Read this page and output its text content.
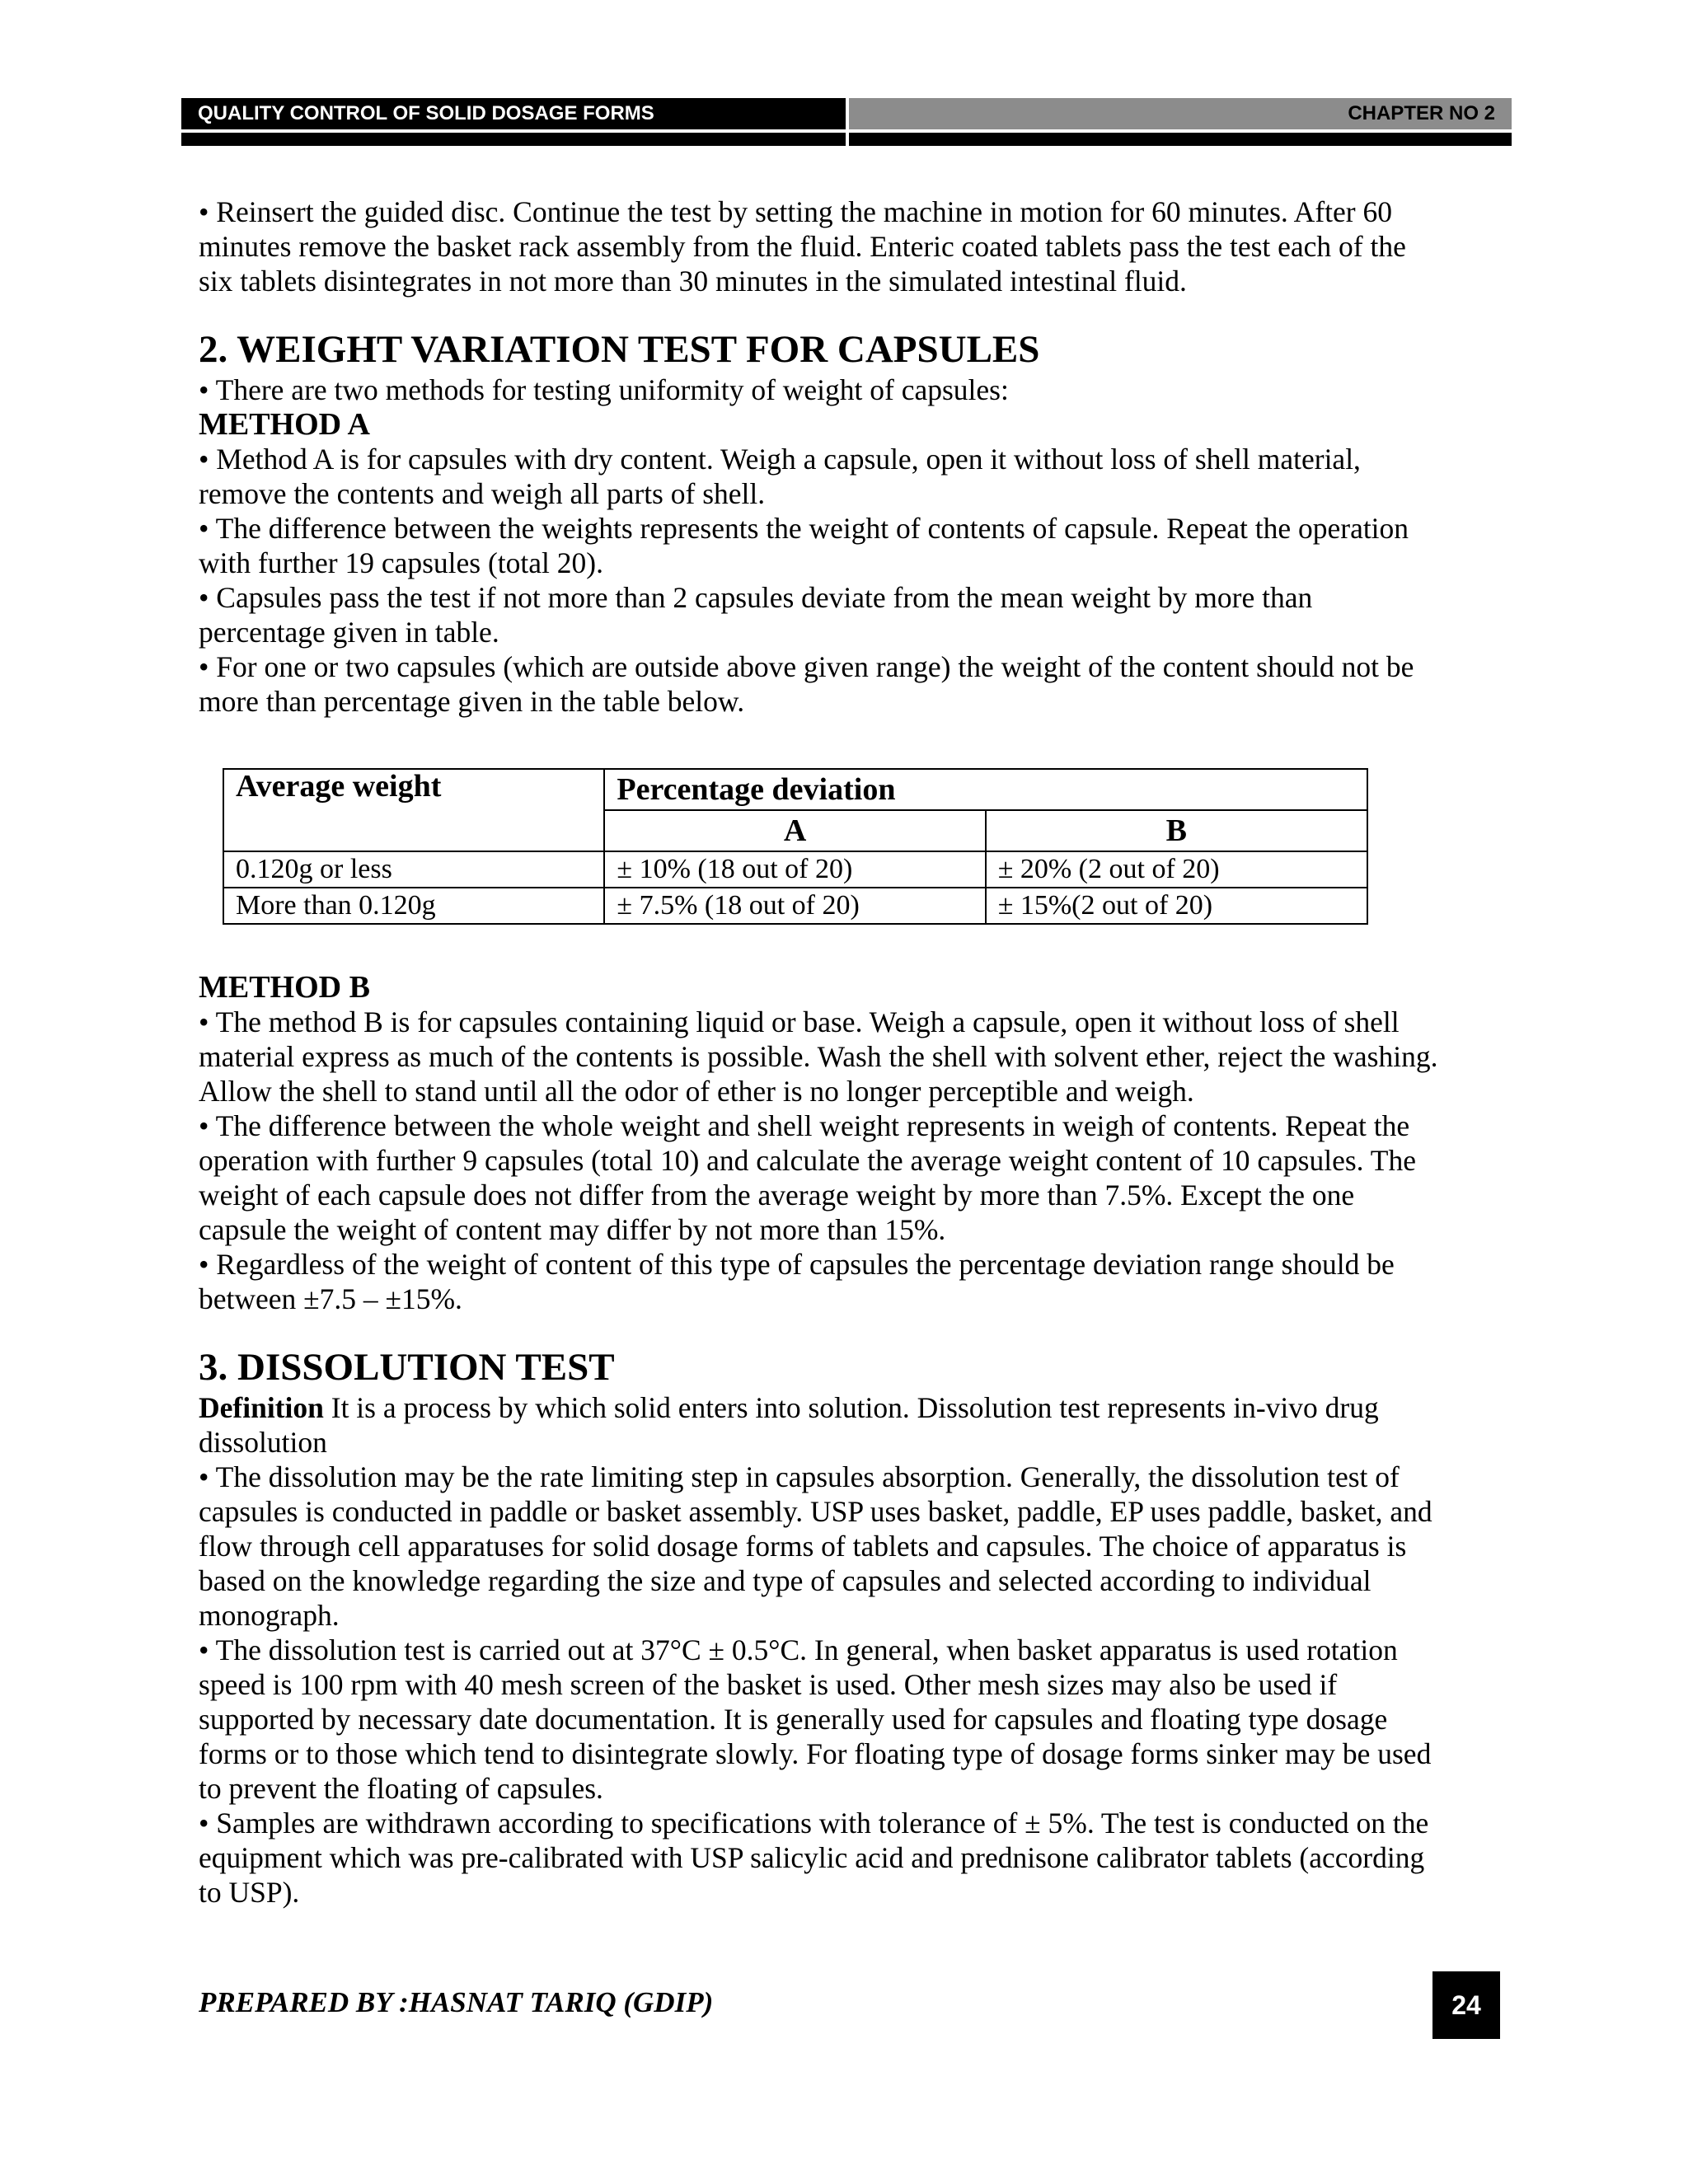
QUALITY CONTROL OF SOLID DOSAGE FORMS	CHAPTER NO 2

• Reinsert the guided disc. Continue the test by setting the machine in motion for 60 minutes. After 60

minutes remove the basket rack assembly from the fluid. Enteric coated tablets pass the test each of the

six tablets disintegrates in not more than 30 minutes in the simulated intestinal fluid.

2. WEIGHT VARIATION TEST FOR CAPSULES

• There are two methods for testing uniformity of weight of capsules:

METHOD A

• Method A is for capsules with dry content. Weigh a capsule, open it without loss of shell material,

remove the contents and weigh all parts of shell.

• The difference between the weights represents the weight of contents of capsule. Repeat the operation

with further 19 capsules (total 20).

• Capsules pass the test if not more than 2 capsules deviate from the mean weight by more than

percentage given in table.

• For one or two capsules (which are outside above given range) the weight of the content should not be

more than percentage given in the table below.

Average weight	Percentage deviation	
	A	B
0.120g or less	± 10% (18 out of 20)	± 20% (2 out of 20)
More than 0.120g	± 7.5% (18 out of 20)	± 15%(2 out of 20)
METHOD B

• The method B is for capsules containing liquid or base. Weigh a capsule, open it without loss of shell

material express as much of the contents is possible. Wash the shell with solvent ether, reject the washing.

Allow the shell to stand until all the odor of ether is no longer perceptible and weigh.

• The difference between the whole weight and shell weight represents in weigh of contents. Repeat the

operation with further 9 capsules (total 10) and calculate the average weight content of 10 capsules. The

weight of each capsule does not differ from the average weight by more than 7.5%. Except the one

capsule the weight of content may differ by not more than 15%.

• Regardless of the weight of content of this type of capsules the percentage deviation range should be

between ±7.5 – ±15%.

3. DISSOLUTION TEST

Definition It is a process by which solid enters into solution. Dissolution test represents in-vivo drug

dissolution

• The dissolution may be the rate limiting step in capsules absorption. Generally, the dissolution test of

capsules is conducted in paddle or basket assembly. USP uses basket, paddle, EP uses paddle, basket, and

flow through cell apparatuses for solid dosage forms of tablets and capsules. The choice of apparatus is

based on the knowledge regarding the size and type of capsules and selected according to individual

monograph.

• The dissolution test is carried out at 37°C ± 0.5°C. In general, when basket apparatus is used rotation

speed is 100 rpm with 40 mesh screen of the basket is used. Other mesh sizes may also be used if

supported by necessary date documentation. It is generally used for capsules and floating type dosage

forms or to those which tend to disintegrate slowly. For floating type of dosage forms sinker may be used

to prevent the floating of capsules.

• Samples are withdrawn according to specifications with tolerance of ± 5%. The test is conducted on the

equipment which was pre-calibrated with USP salicylic acid and prednisone calibrator tablets (according

to USP).

PREPARED BY :HASNAT TARIQ (GDIP)	24
